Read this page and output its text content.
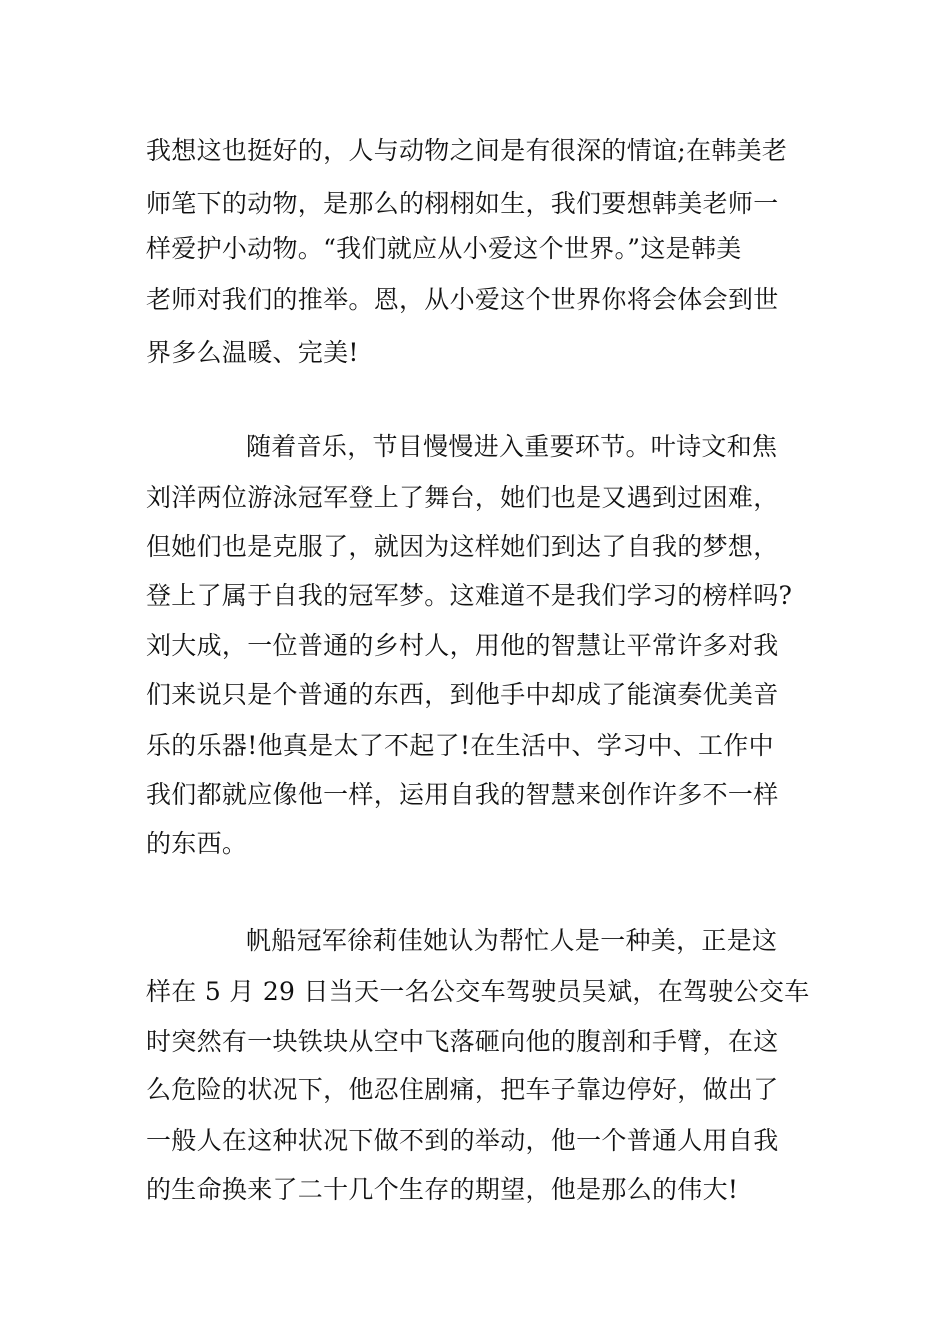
我想这也挺好的，人与动物之间是有很深的情谊;在韩美老
师笔下的动物，是那么的栩栩如生，我们要想韩美老师一
样爱护小动物。“我们就应从小爱这个世界。”这是韩美
老师对我们的推举。恩，从小爱这个世界你将会体会到世
界多么温暖、完美!
随着音乐，节目慢慢进入重要环节。叶诗文和焦
刘洋两位游泳冠军登上了舞台，她们也是又遇到过困难，
但她们也是克服了，就因为这样她们到达了自我的梦想，
登上了属于自我的冠军梦。这难道不是我们学习的榜样吗?
刘大成，一位普通的乡村人，用他的智慧让平常许多对我
们来说只是个普通的东西，到他手中却成了能演奏优美音
乐的乐器!他真是太了不起了!在生活中、学习中、工作中
我们都就应像他一样，运用自我的智慧来创作许多不一样
的东西。
帆船冠军徐莉佳她认为帮忙人是一种美，正是这
样在 5 月 29 日当天一名公交车驾驶员吴斌，在驾驶公交车
时突然有一块铁块从空中飞落砸向他的腹剖和手臂，在这
么危险的状况下，他忍住剧痛，把车子靠边停好，做出了
一般人在这种状况下做不到的举动，他一个普通人用自我
的生命换来了二十几个生存的期望，他是那么的伟大!
